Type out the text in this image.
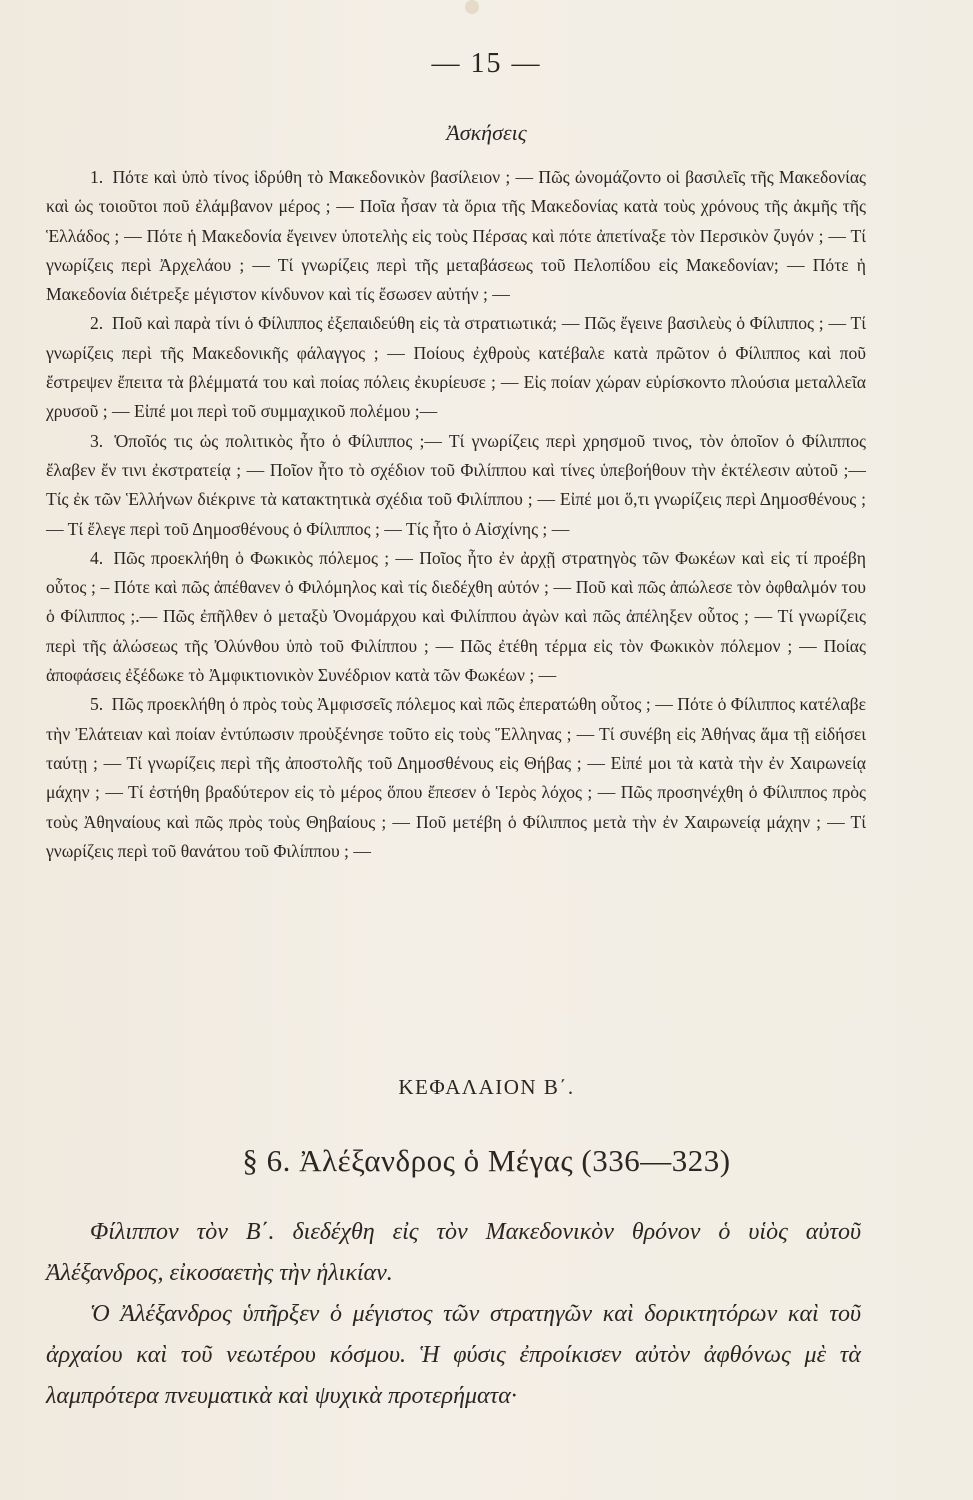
— 15 —
Ἀσκήσεις

1. Πότε καὶ ὑπὸ τίνος ἱδρύθη τὸ Μακεδονικὸν βασίλειον ; — Πῶς ὠνομάζοντο οἱ βασιλεῖς τῆς Μακεδονίας καὶ ὡς τοιοῦτοι ποῦ ἐλάμβανον μέρος ; — Ποῖα ἦσαν τὰ ὅρια τῆς Μακεδονίας κατὰ τοὺς χρόνους τῆς ἀκμῆς τῆς Ἑλλάδος ; — Πότε ἡ Μακεδονία ἔγεινεν ὑποτελὴς εἰς τοὺς Πέρσας καὶ πότε ἀπετίναξε τὸν Περσικὸν ζυγόν ; — Τί γνωρίζεις περὶ Ἀρχελάου ; — Τί γνωρίζεις περὶ τῆς μεταβάσεως τοῦ Πελοπίδου εἰς Μακεδονίαν; — Πότε ἡ Μακεδονία διέτρεξε μέγιστον κίνδυνον καὶ τίς ἔσωσεν αὐτήν ; —

2. Ποῦ καὶ παρὰ τίνι ὁ Φίλιππος ἐξεπαιδεύθη εἰς τὰ στρατιωτικά; — Πῶς ἔγεινε βασιλεὺς ὁ Φίλιππος ; — Τί γνωρίζεις περὶ τῆς Μακεδονικῆς φάλαγγος ; — Ποίους ἐχθροὺς κατέβαλε κατὰ πρῶτον ὁ Φίλιππος καὶ ποῦ ἔστρεψεν ἔπειτα τὰ βλέμματά του καὶ ποίας πόλεις ἐκυρίευσε ; — Εἰς ποίαν χώραν εὑρίσκοντο πλούσια μεταλλεῖα χρυσοῦ ; — Εἰπέ μοι περὶ τοῦ συμμαχικοῦ πολέμου ;—

3. Ὁποῖός τις ὡς πολιτικὸς ἦτο ὁ Φίλιππος ;— Τί γνωρίζεις περὶ χρησμοῦ τινος, τὸν ὁποῖον ὁ Φίλιππος ἔλαβεν ἔν τινι ἐκστρατείᾳ ; — Ποῖον ἦτο τὸ σχέδιον τοῦ Φιλίππου καὶ τίνες ὑπεβοήθουν τὴν ἐκτέλεσιν αὐτοῦ ;— Τίς ἐκ τῶν Ἑλλήνων διέκρινε τὰ κατακτητικὰ σχέδια τοῦ Φιλίππου ; — Εἰπέ μοι ὅ,τι γνωρίζεις περὶ Δημοσθένους ; — Τί ἔλεγε περὶ τοῦ Δημοσθένους ὁ Φίλιππος ; — Τίς ἦτο ὁ Αἰσχίνης ; —

4. Πῶς προεκλήθη ὁ Φωκικὸς πόλεμος ; — Ποῖος ἦτο ἐν ἀρχῇ στρατηγὸς τῶν Φωκέων καὶ εἰς τί προέβη οὗτος ; – Πότε καὶ πῶς ἀπέθανεν ὁ Φιλόμηλος καὶ τίς διεδέχθη αὐτόν ; — Ποῦ καὶ πῶς ἀπώλεσε τὸν ὀφθαλμόν του ὁ Φίλιππος ;.— Πῶς ἐπῆλθεν ὁ μεταξὺ Ὀνομάρχου καὶ Φιλίππου ἀγὼν καὶ πῶς ἀπέληξεν οὗτος ; — Τί γνωρίζεις περὶ τῆς ἁλώσεως τῆς Ὀλύνθου ὑπὸ τοῦ Φιλίππου ; — Πῶς ἐτέθη τέρμα εἰς τὸν Φωκικὸν πόλεμον ; — Ποίας ἀποφάσεις ἐξέδωκε τὸ Ἀμφικτιονικὸν Συνέδριον κατὰ τῶν Φωκέων ; —

5. Πῶς προεκλήθη ὁ πρὸς τοὺς Ἀμφισσεῖς πόλεμος καὶ πῶς ἐπερατώθη οὗτος ; — Πότε ὁ Φίλιππος κατέλαβε τὴν Ἐλάτειαν καὶ ποίαν ἐντύπωσιν προὐξένησε τοῦτο εἰς τοὺς Ἕλληνας ; — Τί συνέβη εἰς Ἀθήνας ἅμα τῇ εἰδήσει ταύτῃ ; — Τί γνωρίζεις περὶ τῆς ἀποστολῆς τοῦ Δημοσθένους εἰς Θήβας ; — Εἰπέ μοι τὰ κατὰ τὴν ἐν Χαιρωνείᾳ μάχην ; — Τί ἐστήθη βραδύτερον εἰς τὸ μέρος ὅπου ἔπεσεν ὁ Ἱερὸς λόχος ; — Πῶς προσηνέχθη ὁ Φίλιππος πρὸς τοὺς Ἀθηναίους καὶ πῶς πρὸς τοὺς Θηβαίους ; — Ποῦ μετέβη ὁ Φίλιππος μετὰ τὴν ἐν Χαιρωνείᾳ μάχην ; — Τί γνωρίζεις περὶ τοῦ θανάτου τοῦ Φιλίππου ; —

ΚΕΦΑΛΑΙΟΝ Β΄.
§ 6. Ἀλέξανδρος ὁ Μέγας (336—323)

Φίλιππον τὸν Β΄. διεδέχθη εἰς τὸν Μακεδονικὸν θρόνον ὁ υἱὸς αὐτοῦ Ἀλέξανδρος, εἰκοσαετὴς τὴν ἡλικίαν.

Ὁ Ἀλέξανδρος ὑπῆρξεν ὁ μέγιστος τῶν στρατηγῶν καὶ δορικτητόρων καὶ τοῦ ἀρχαίου καὶ τοῦ νεωτέρου κόσμου. Ἡ φύσις ἐπροίκισεν αὐτὸν ἀφθόνως μὲ τὰ λαμπρότερα πνευματικὰ καὶ ψυχικὰ προτερήματα·
